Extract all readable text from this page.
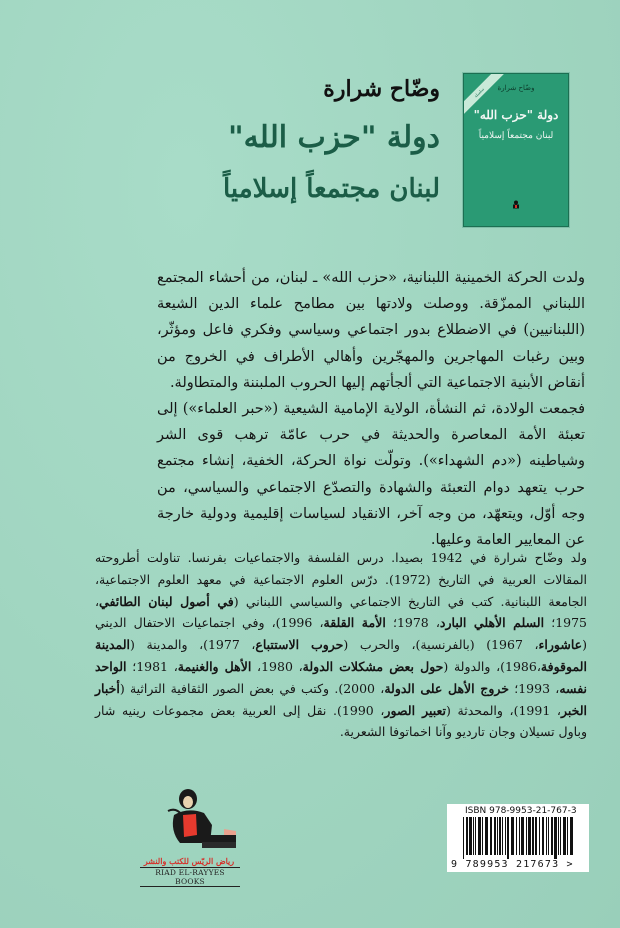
سلسلة	وضّاح شرارة
دولة "حزب الله"
لبنان مجتمعاً إسلامياً
وضّاح شرارة
دولة "حزب الله"
لبنان مجتمعاً إسلامياً

ولدت الحركة الخمينية اللبنانية، «حزب الله» ـ لبنان، من أحشاء المجتمع اللبناني الممزّقة. ووصلت ولادتها بين مطامح علماء الدين الشيعة (اللبنانيين) في الاضطلاع بدور اجتماعي وسياسي وفكري فاعل ومؤثّر، وبين رغبات المهاجرين والمهجّرين وأهالي الأطراف في الخروج من أنقاض الأبنية الاجتماعية التي ألجأتهم إليها الحروب الملبننة والمتطاولة.

فجمعت الولادة، ثم النشأة، الولاية الإمامية الشيعية («حبر العلماء») إلى تعبئة الأمة المعاصرة والحديثة في حرب عامّة ترهب قوى الشر وشياطينه («دم الشهداء»). وتولّت نواة الحركة، الخفية، إنشاء مجتمع حرب يتعهد دوام التعبئة والشهادة والتصدّع الاجتماعي والسياسي، من وجه أوّل، ويتعهّد، من وجه آخر، الانقياد لسياسات إقليمية ودولية خارجة عن المعايير العامة وعليها.

ولد وضّاح شرارة في 1942 بصيدا. درس الفلسفة والاجتماعيات بفرنسا. تناولت أطروحته المقالات العربية في التاريخ (1972). درّس العلوم الاجتماعية في معهد العلوم الاجتماعية، الجامعة اللبنانية. كتب في التاريخ الاجتماعي والسياسي اللبناني (في أصول لبنان الطائفي، 1975؛ السلم الأهلي البارد، 1978؛ الأمة القلقة، 1996)، وفي اجتماعيات الاحتفال الديني (عاشوراء، 1967) (بالفرنسية)، والحرب (حروب الاستتباع، 1977)، والمدينة (المدينة الموقوفة،1986)، والدولة (حول بعض مشكلات الدولة، 1980، الأهل والغنيمة، 1981؛ الواحد نفسه، 1993؛ خروج الأهل على الدولة، 2000). وكتب في بعض الصور الثقافية التراثية (أخبار الخبر، 1991)، والمحدثة (تعبير الصور، 1990). نقل إلى العربية بعض مجموعات رينيه شار وباول تسيلان وجان تارديو وآنا اخماتوفا الشعرية.
رياض الريّس للكتب والنشر
RIAD EL-RAYYES BOOKS
ISBN 978-9953-21-767-3
9 789953 217673 >
